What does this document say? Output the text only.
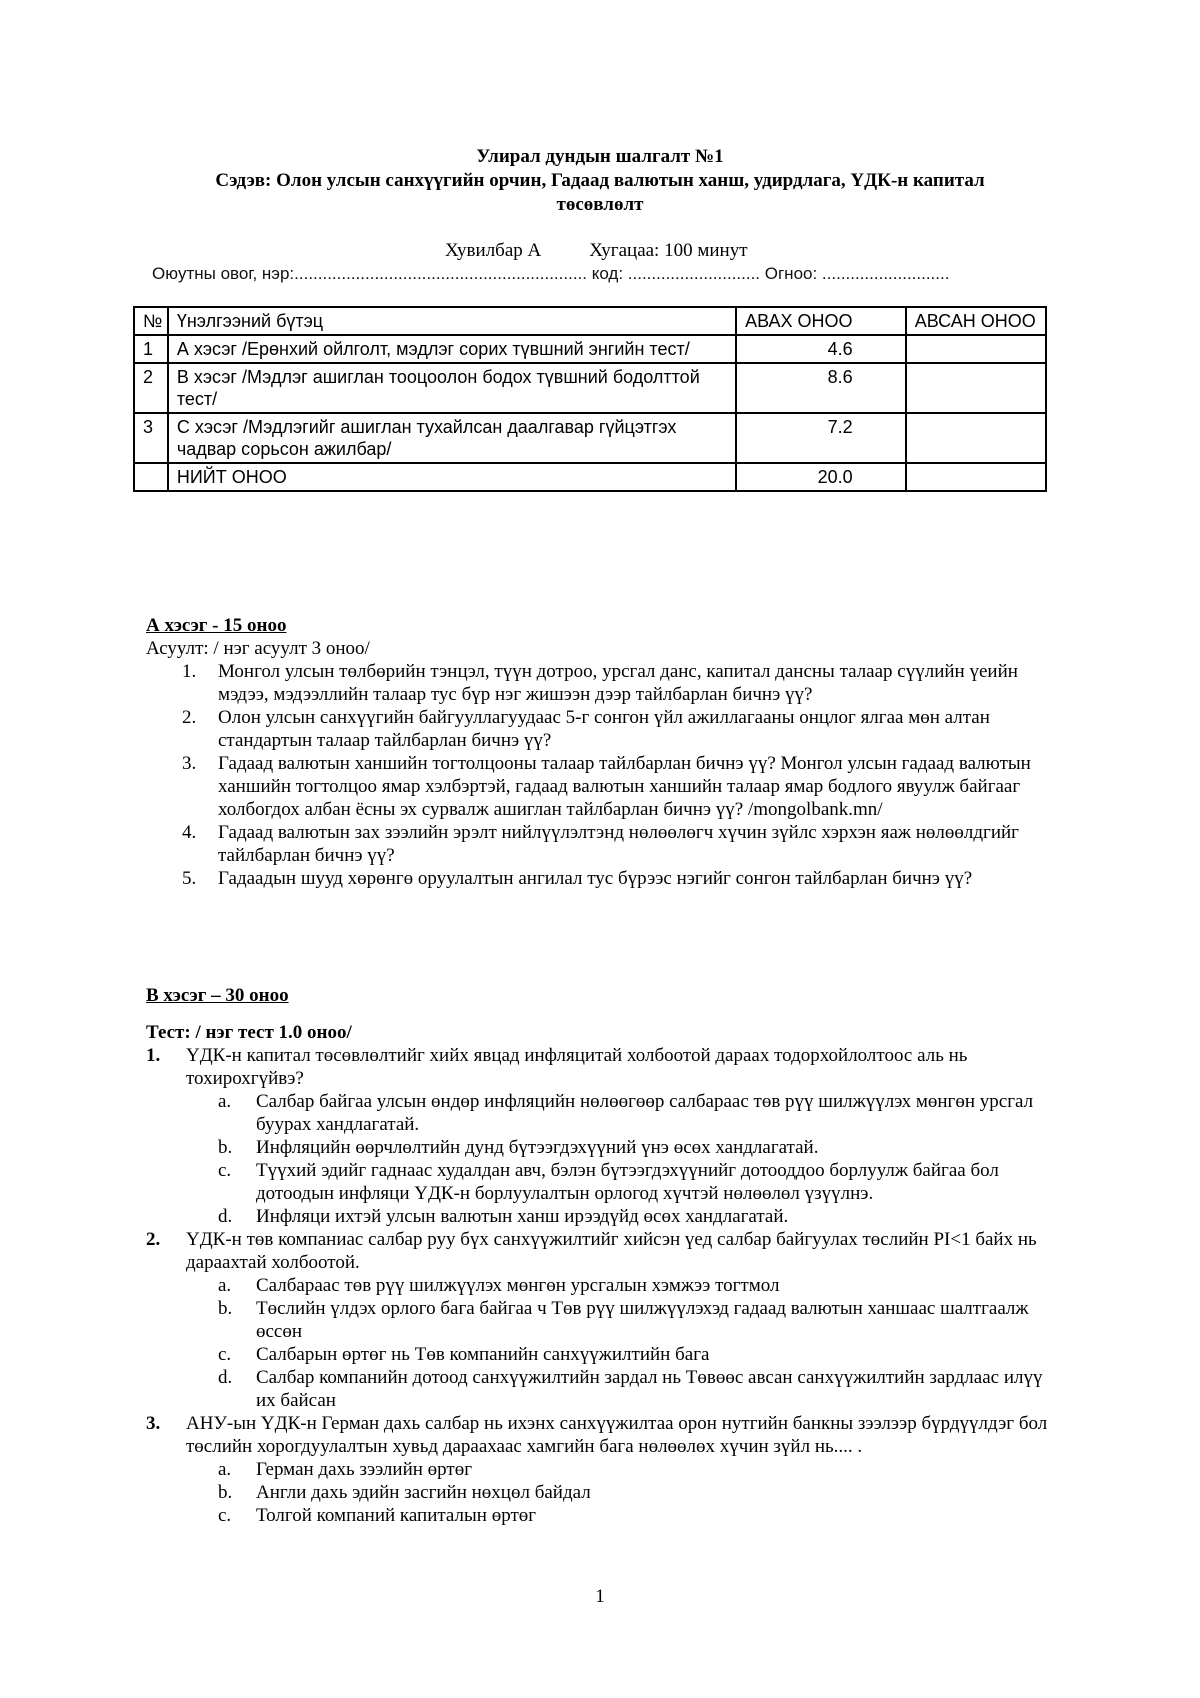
Улирал дундын шалгалт №1
Сэдэв: Олон улсын санхүүгийн орчин, Гадаад валютын ханш, удирдлага, ҮДК-н капитал
төсөвлөлт
Хувилбар А	Хугацаа: 100 минут
Оюутны овог, нэр:.............................................................. код: ............................ Огноо: ...........................
№	Үнэлгээний бүтэц	АВАХ ОНОО	АВСАН ОНОО
1	А хэсэг /Ерөнхий ойлголт, мэдлэг сорих түвшний энгийн тест/	4.6	
2	В хэсэг /Мэдлэг ашиглан тооцоолон бодох түвшний бодолттой тест/	8.6	
3	С хэсэг /Мэдлэгийг ашиглан тухайлсан даалгавар гүйцэтгэх чадвар сорьсон ажилбар/	7.2	
	НИЙТ ОНОО	20.0	
А хэсэг - 15 оноо
Асуулт: / нэг асуулт 3 оноо/
1. Монгол улсын төлбөрийн тэнцэл, түүн дотроо, урсгал данс, капитал дансны талаар сүүлийн үеийн мэдээ, мэдээллийн талаар тус бүр нэг жишээн дээр тайлбарлан бичнэ үү?
2. Олон улсын санхүүгийн байгууллагуудаас 5-г сонгон үйл ажиллагааны онцлог ялгаа мөн алтан стандартын талаар тайлбарлан бичнэ үү?
3. Гадаад валютын ханшийн тогтолцооны талаар тайлбарлан бичнэ үү? Монгол улсын гадаад валютын ханшийн тогтолцоо ямар хэлбэртэй, гадаад валютын ханшийн талаар ямар бодлого явуулж байгааг холбогдох албан ёсны эх сурвалж ашиглан тайлбарлан бичнэ үү? /mongolbank.mn/
4. Гадаад валютын зах зээлийн эрэлт нийлүүлэлтэнд нөлөөлөгч хүчин зүйлс хэрхэн яаж нөлөөлдгийг тайлбарлан бичнэ үү?
5. Гадаадын шууд хөрөнгө оруулалтын ангилал тус бүрээс нэгийг сонгон тайлбарлан бичнэ үү?
В хэсэг – 30 оноо
Тест: / нэг тест 1.0 оноо/
1. ҮДК-н капитал төсөвлөлтийг хийх явцад инфляцитай холбоотой дараах тодорхойлолтоос аль нь тохирохгүйвэ?
a. Салбар байгаа улсын өндөр инфляцийн нөлөөгөөр салбараас төв рүү шилжүүлэх мөнгөн урсгал буурах хандлагатай.
b. Инфляцийн өөрчлөлтийн дунд бүтээгдэхүүний үнэ өсөх хандлагатай.
c. Түүхий эдийг гаднаас худалдан авч, бэлэн бүтээгдэхүүнийг дотооддоо борлуулж байгаа бол дотоодын инфляци ҮДК-н борлуулалтын орлогод хүчтэй нөлөөлөл үзүүлнэ.
d. Инфляци ихтэй улсын валютын ханш ирээдүйд өсөх хандлагатай.
2. ҮДК-н төв компаниас салбар руу бүх санхүүжилтийг хийсэн үед салбар байгуулах төслийн PI<1 байх нь дараахтай холбоотой.
a. Салбараас төв рүү шилжүүлэх мөнгөн урсгалын хэмжээ тогтмол
b. Төслийн үлдэх орлого бага байгаа ч Төв рүү шилжүүлэхэд гадаад валютын ханшаас шалтгаалж өссөн
c. Салбарын өртөг нь Төв компанийн санхүүжилтийн бага
d. Салбар компанийн дотоод санхүүжилтийн зардал нь Төвөөс авсан санхүүжилтийн зардлаас илүү их байсан
3. АНУ-ын ҮДК-н Герман дахь салбар нь ихэнх санхүүжилтаа орон нутгийн банкны зээлээр бүрдүүлдэг бол төслийн хорогдуулалтын хувьд дараахаас хамгийн бага нөлөөлөх хүчин зүйл нь.... .
a. Герман дахь зээлийн өртөг
b. Англи дахь эдийн засгийн нөхцөл байдал
c. Толгой компаний капиталын өртөг
1
